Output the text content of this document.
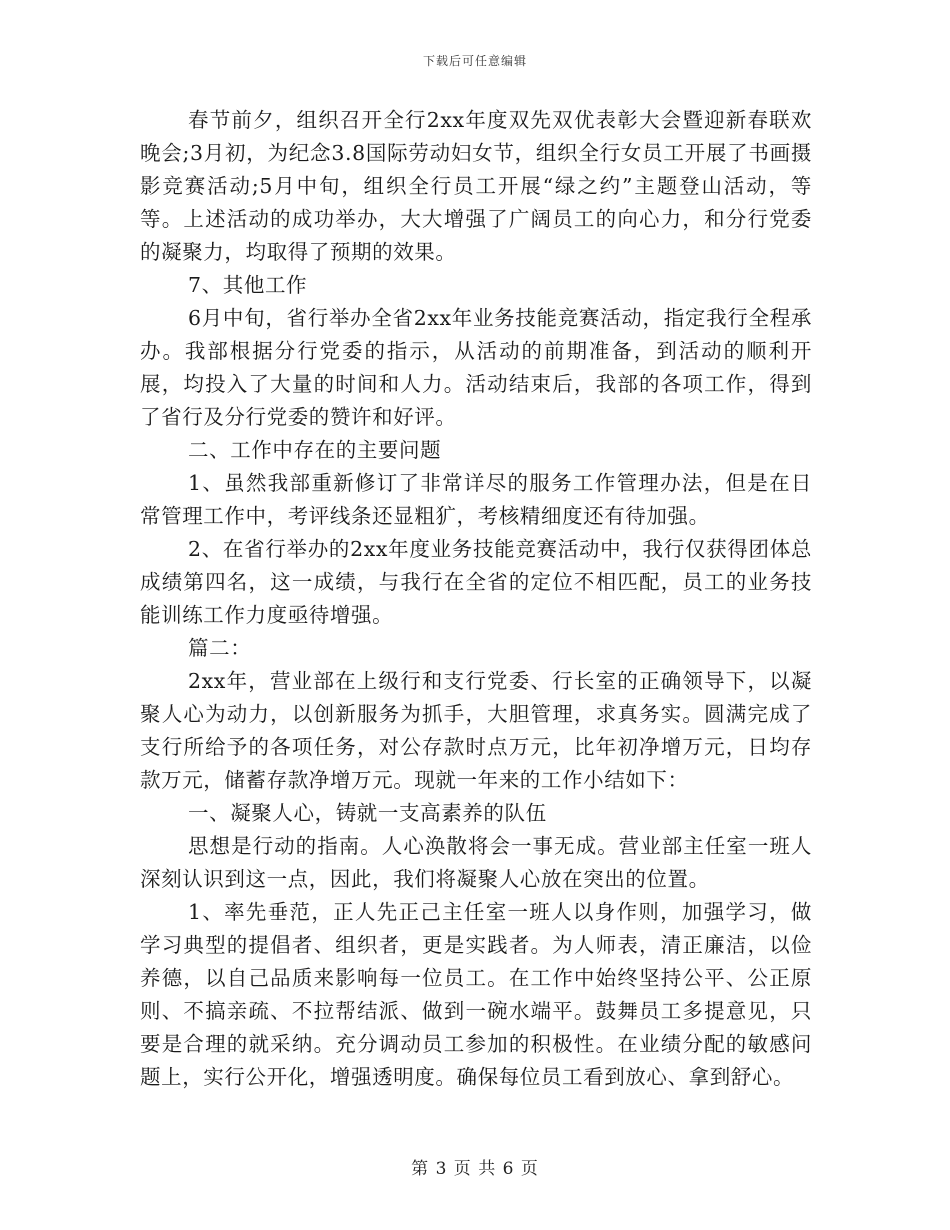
下载后可任意编辑

春节前夕，组织召开全行2xx年度双先双优表彰大会暨迎新春联欢晚会;3月初，为纪念3.8国际劳动妇女节，组织全行女员工开展了书画摄影竞赛活动;5月中旬，组织全行员工开展“绿之约”主题登山活动，等等。上述活动的成功举办，大大增强了广阔员工的向心力，和分行党委的凝聚力，均取得了预期的效果。

7、其他工作

6月中旬，省行举办全省2xx年业务技能竞赛活动，指定我行全程承办。我部根据分行党委的指示，从活动的前期准备，到活动的顺利开展，均投入了大量的时间和人力。活动结束后，我部的各项工作，得到了省行及分行党委的赞许和好评。

二、工作中存在的主要问题

1、虽然我部重新修订了非常详尽的服务工作管理办法，但是在日常管理工作中，考评线条还显粗犷，考核精细度还有待加强。

2、在省行举办的2xx年度业务技能竞赛活动中，我行仅获得团体总成绩第四名，这一成绩，与我行在全省的定位不相匹配，员工的业务技能训练工作力度亟待增强。

篇二：

2xx年，营业部在上级行和支行党委、行长室的正确领导下，以凝聚人心为动力，以创新服务为抓手，大胆管理，求真务实。圆满完成了支行所给予的各项任务，对公存款时点万元，比年初净增万元，日均存款万元，储蓄存款净增万元。现就一年来的工作小结如下：

一、凝聚人心，铸就一支高素养的队伍

思想是行动的指南。人心涣散将会一事无成。营业部主任室一班人深刻认识到这一点，因此，我们将凝聚人心放在突出的位置。

1、率先垂范，正人先正己主任室一班人以身作则，加强学习，做学习典型的提倡者、组织者，更是实践者。为人师表，清正廉洁，以俭养德，以自己品质来影响每一位员工。在工作中始终坚持公平、公正原则、不搞亲疏、不拉帮结派、做到一碗水端平。鼓舞员工多提意见，只要是合理的就采纳。充分调动员工参加的积极性。在业绩分配的敏感问题上，实行公开化，增强透明度。确保每位员工看到放心、拿到舒心。

第 3 页 共 6 页
